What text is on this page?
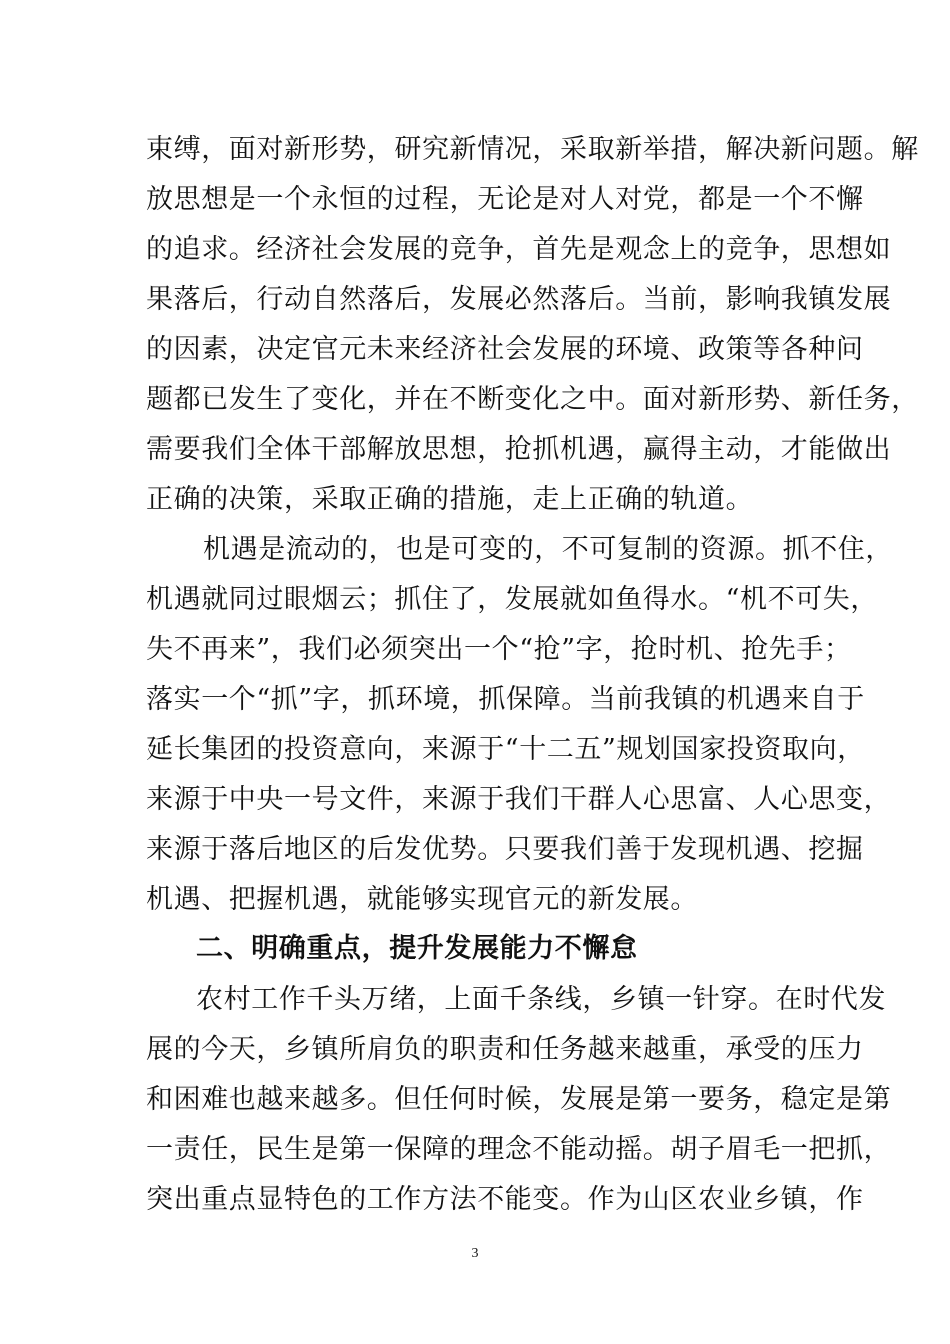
束缚，面对新形势，研究新情况，采取新举措，解决新问题。解
放思想是一个永恒的过程，无论是对人对党，都是一个不懈
的追求。经济社会发展的竞争，首先是观念上的竞争，思想如
果落后，行动自然落后，发展必然落后。当前，影响我镇发展
的因素，决定官元未来经济社会发展的环境、政策等各种问
题都已发生了变化，并在不断变化之中。面对新形势、新任务，
需要我们全体干部解放思想，抢抓机遇，赢得主动，才能做出
正确的决策，采取正确的措施，走上正确的轨道。
机遇是流动的，也是可变的，不可复制的资源。抓不住，
机遇就同过眼烟云；抓住了，发展就如鱼得水。“机不可失，
失不再来”，我们必须突出一个“抢”字，抢时机、抢先手；
落实一个“抓”字，抓环境，抓保障。当前我镇的机遇来自于
延长集团的投资意向，来源于“十二五”规划国家投资取向，
来源于中央一号文件，来源于我们干群人心思富、人心思变，
来源于落后地区的后发优势。只要我们善于发现机遇、挖掘
机遇、把握机遇，就能够实现官元的新发展。
二、明确重点，提升发展能力不懈怠
农村工作千头万绪，上面千条线，乡镇一针穿。在时代发
展的今天，乡镇所肩负的职责和任务越来越重，承受的压力
和困难也越来越多。但任何时候，发展是第一要务，稳定是第
一责任，民生是第一保障的理念不能动摇。胡子眉毛一把抓，
突出重点显特色的工作方法不能变。作为山区农业乡镇，作
3
